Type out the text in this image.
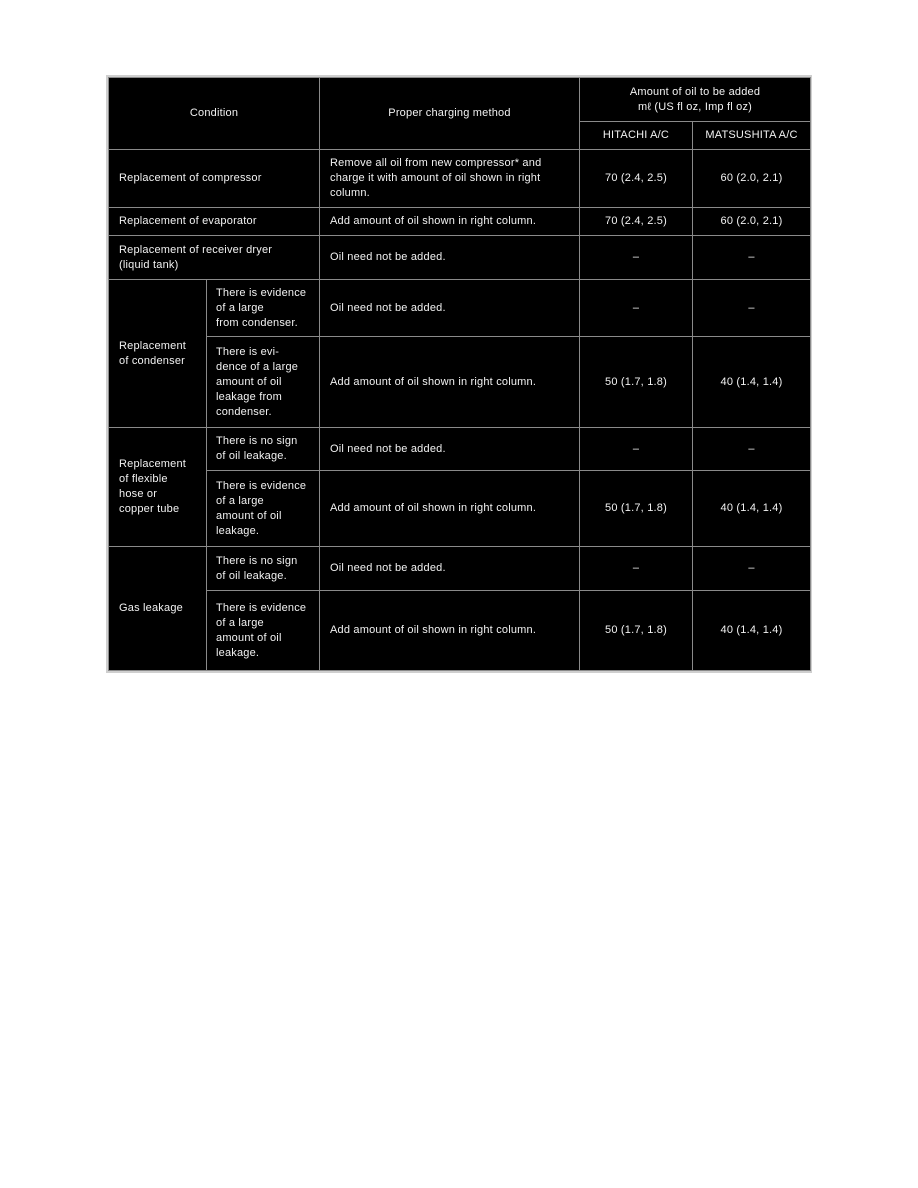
Condition		Proper charging method	Amount of oil to be added
mℓ (US fl oz, Imp fl oz)	

			HITACHI A/C	MATSUSHITA A/C
Replacement of compressor		Remove all oil from new compressor* and
charge it with amount of oil shown in right
column.	70 (2.4, 2.5)	60 (2.0, 2.1)
Replacement of evaporator		Add amount of oil shown in right column.	70 (2.4, 2.5)	60 (2.0, 2.1)

Replacement of receiver dryer
(liquid tank)		Oil need not be added.	–	–

Replacement
of condenser	There is evidence
of a large
from condenser.	Oil need not be added.	–	–

	There is evi-
dence of a large
amount of oil
leakage from
condenser.	Add amount of oil shown in right column.	50 (1.7, 1.8)	40 (1.4, 1.4)

Replacement
of flexible
hose or
copper tube	There is no sign
of oil leakage.	Oil need not be added.	–	–

	There is evidence
of a large
amount of oil
leakage.	Add amount of oil shown in right column.	50 (1.7, 1.8)	40 (1.4, 1.4)
Gas leakage	There is no sign
of oil leakage.	Oil need not be added.	–	–

	There is evidence
of a large
amount of oil
leakage.	Add amount of oil shown in right column.	50 (1.7, 1.8)	40 (1.4, 1.4)
